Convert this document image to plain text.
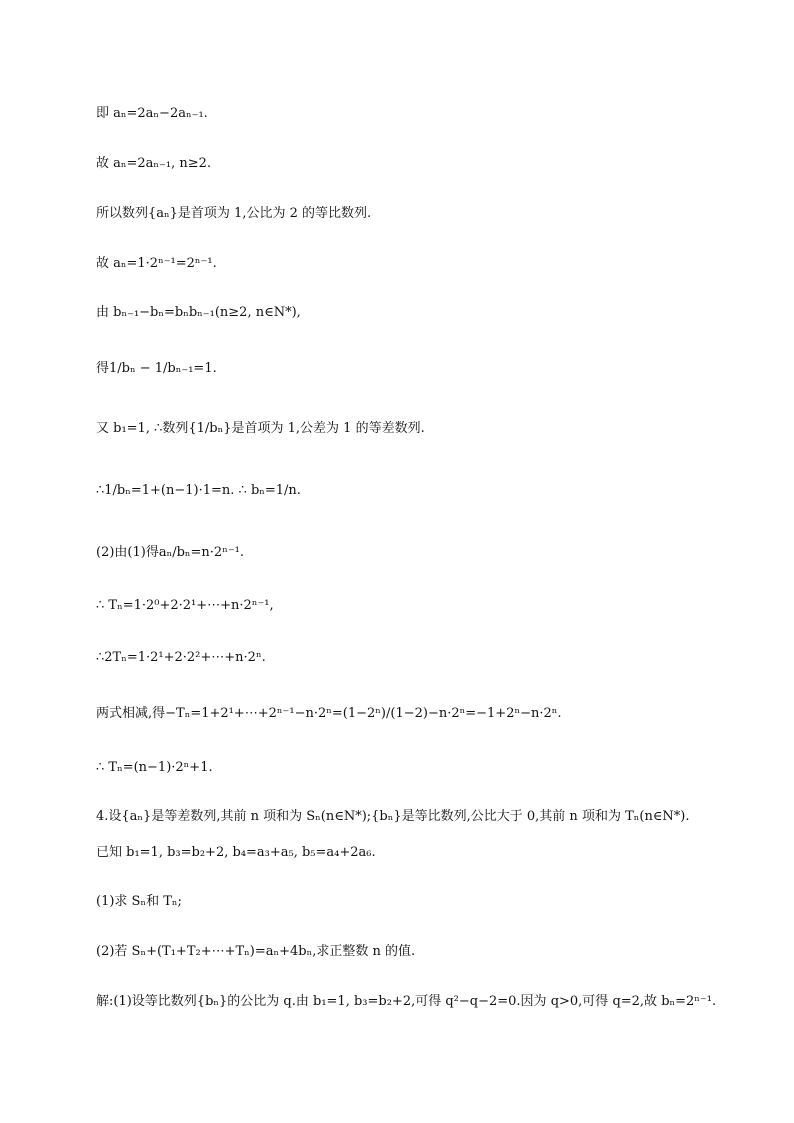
即 aₙ=2aₙ−2aₙ₋₁.
故 aₙ=2aₙ₋₁, n≥2.
所以数列{aₙ}是首项为 1,公比为 2 的等比数列.
故 aₙ=1·2ⁿ⁻¹=2ⁿ⁻¹.
由 bₙ₋₁−bₙ=bₙbₙ₋₁(n≥2, n∈N*),
得1/bₙ − 1/bₙ₋₁=1.
又 b₁=1, ∴数列{1/bₙ}是首项为 1,公差为 1 的等差数列.
∴1/bₙ=1+(n−1)·1=n. ∴ bₙ=1/n.
(2)由(1)得aₙ/bₙ=n·2ⁿ⁻¹.
∴ Tₙ=1·2⁰+2·2¹+⋯+n·2ⁿ⁻¹,
∴2Tₙ=1·2¹+2·2²+⋯+n·2ⁿ.
两式相减,得−Tₙ=1+2¹+⋯+2ⁿ⁻¹−n·2ⁿ=(1−2ⁿ)/(1−2)−n·2ⁿ=−1+2ⁿ−n·2ⁿ.
∴ Tₙ=(n−1)·2ⁿ+1.
4.设{aₙ}是等差数列,其前 n 项和为 Sₙ(n∈N*);{bₙ}是等比数列,公比大于 0,其前 n 项和为 Tₙ(n∈N*).
已知 b₁=1, b₃=b₂+2, b₄=a₃+a₅, b₅=a₄+2a₆.
(1)求 Sₙ和 Tₙ;
(2)若 Sₙ+(T₁+T₂+⋯+Tₙ)=aₙ+4bₙ,求正整数 n 的值.
解:(1)设等比数列{bₙ}的公比为 q.由 b₁=1, b₃=b₂+2,可得 q²−q−2=0.因为 q>0,可得 q=2,故 bₙ=2ⁿ⁻¹.
